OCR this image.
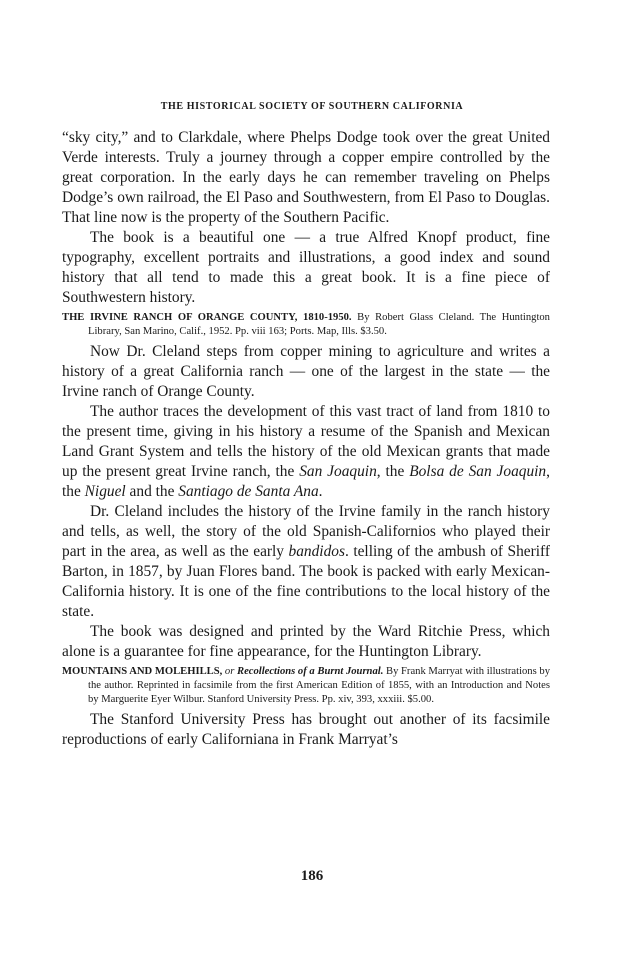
THE HISTORICAL SOCIETY OF SOUTHERN CALIFORNIA

“sky city,” and to Clarkdale, where Phelps Dodge took over the great United Verde interests. Truly a journey through a copper empire controlled by the great corporation. In the early days he can remember traveling on Phelps Dodge’s own railroad, the El Paso and Southwestern, from El Paso to Douglas. That line now is the property of the Southern Pacific.

The book is a beautiful one — a true Alfred Knopf product, fine typography, excellent portraits and illustrations, a good index and sound history that all tend to made this a great book. It is a fine piece of Southwestern history.

THE IRVINE RANCH OF ORANGE COUNTY, 1810-1950. By Robert Glass Cleland. The Huntington Library, San Marino, Calif., 1952. Pp. viii 163; Ports. Map, Ills. $3.50.

Now Dr. Cleland steps from copper mining to agriculture and writes a history of a great California ranch — one of the largest in the state — the Irvine ranch of Orange County.

The author traces the development of this vast tract of land from 1810 to the present time, giving in his history a resume of the Spanish and Mexican Land Grant System and tells the history of the old Mexican grants that made up the present great Irvine ranch, the San Joaquin, the Bolsa de San Joaquin, the Niguel and the Santiago de Santa Ana.

Dr. Cleland includes the history of the Irvine family in the ranch history and tells, as well, the story of the old Spanish-Californios who played their part in the area, as well as the early bandidos. telling of the ambush of Sheriff Barton, in 1857, by Juan Flores band. The book is packed with early Mexican-California history. It is one of the fine contributions to the local history of the state.

The book was designed and printed by the Ward Ritchie Press, which alone is a guarantee for fine appearance, for the Huntington Library.

MOUNTAINS AND MOLEHILLS, or Recollections of a Burnt Journal. By Frank Marryat with illustrations by the author. Reprinted in facsimile from the first American Edition of 1855, with an Introduction and Notes by Marguerite Eyer Wilbur. Stanford University Press. Pp. xiv, 393, xxxiii. $5.00.

The Stanford University Press has brought out another of its facsimile reproductions of early Californiana in Frank Marryat’s

186
